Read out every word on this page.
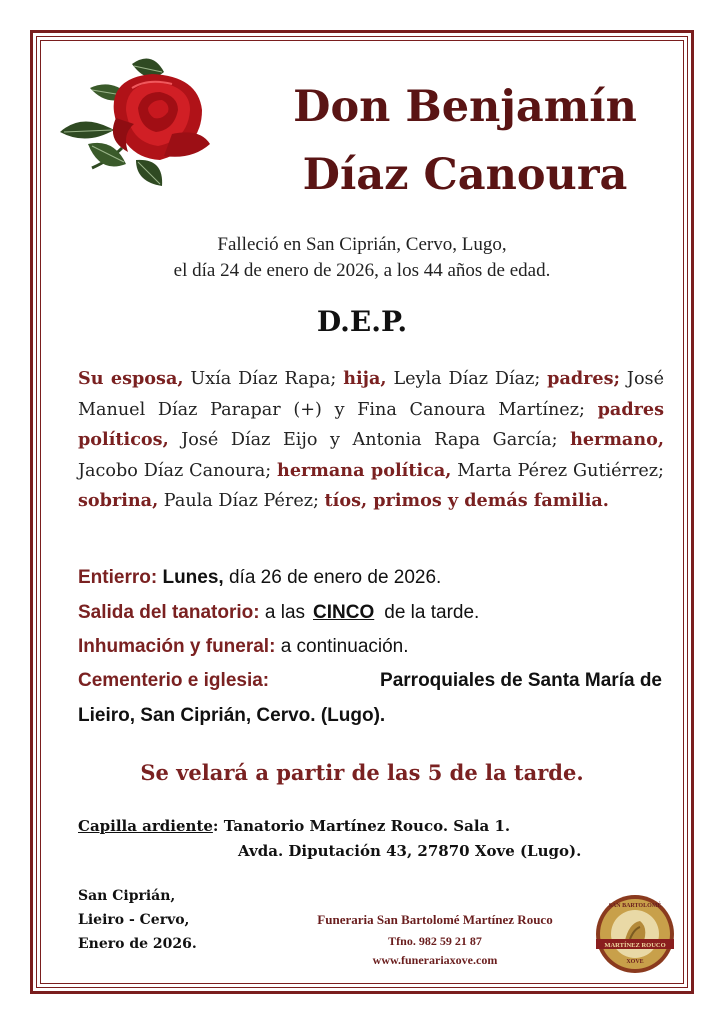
Don Benjamín
Díaz Canoura
Falleció en San Ciprián, Cervo, Lugo,
el día 24 de enero de 2026, a los 44 años de edad.
D.E.P.
Su esposa, Uxía Díaz Rapa; hija, Leyla Díaz Díaz; padres; José Manuel Díaz Parapar (+) y Fina Canoura Martínez; padres políticos, José Díaz Eijo y Antonia Rapa García; hermano, Jacobo Díaz Canoura; hermana política, Marta Pérez Gutiérrez; sobrina, Paula Díaz Pérez; tíos, primos y demás familia.
Entierro: Lunes, día 26 de enero de 2026.
Salida del tanatorio: a las CINCO de la tarde.
Inhumación y funeral: a continuación.
Cementerio e iglesia:	Parroquiales de Santa María de
Lieiro, San Ciprián, Cervo. (Lugo).
Se velará a partir de las 5 de la tarde.
Capilla ardiente: Tanatorio Martínez Rouco. Sala 1.
Avda. Diputación 43, 27870 Xove (Lugo).
San Ciprián,
Lieiro - Cervo,
Enero de 2026.
Funeraria San Bartolomé Martínez Rouco
Tfno. 982 59 21 87
www.funerariaxove.com
MARTÍNEZ ROUCO
SAN BARTOLOMÉ
XOVE
